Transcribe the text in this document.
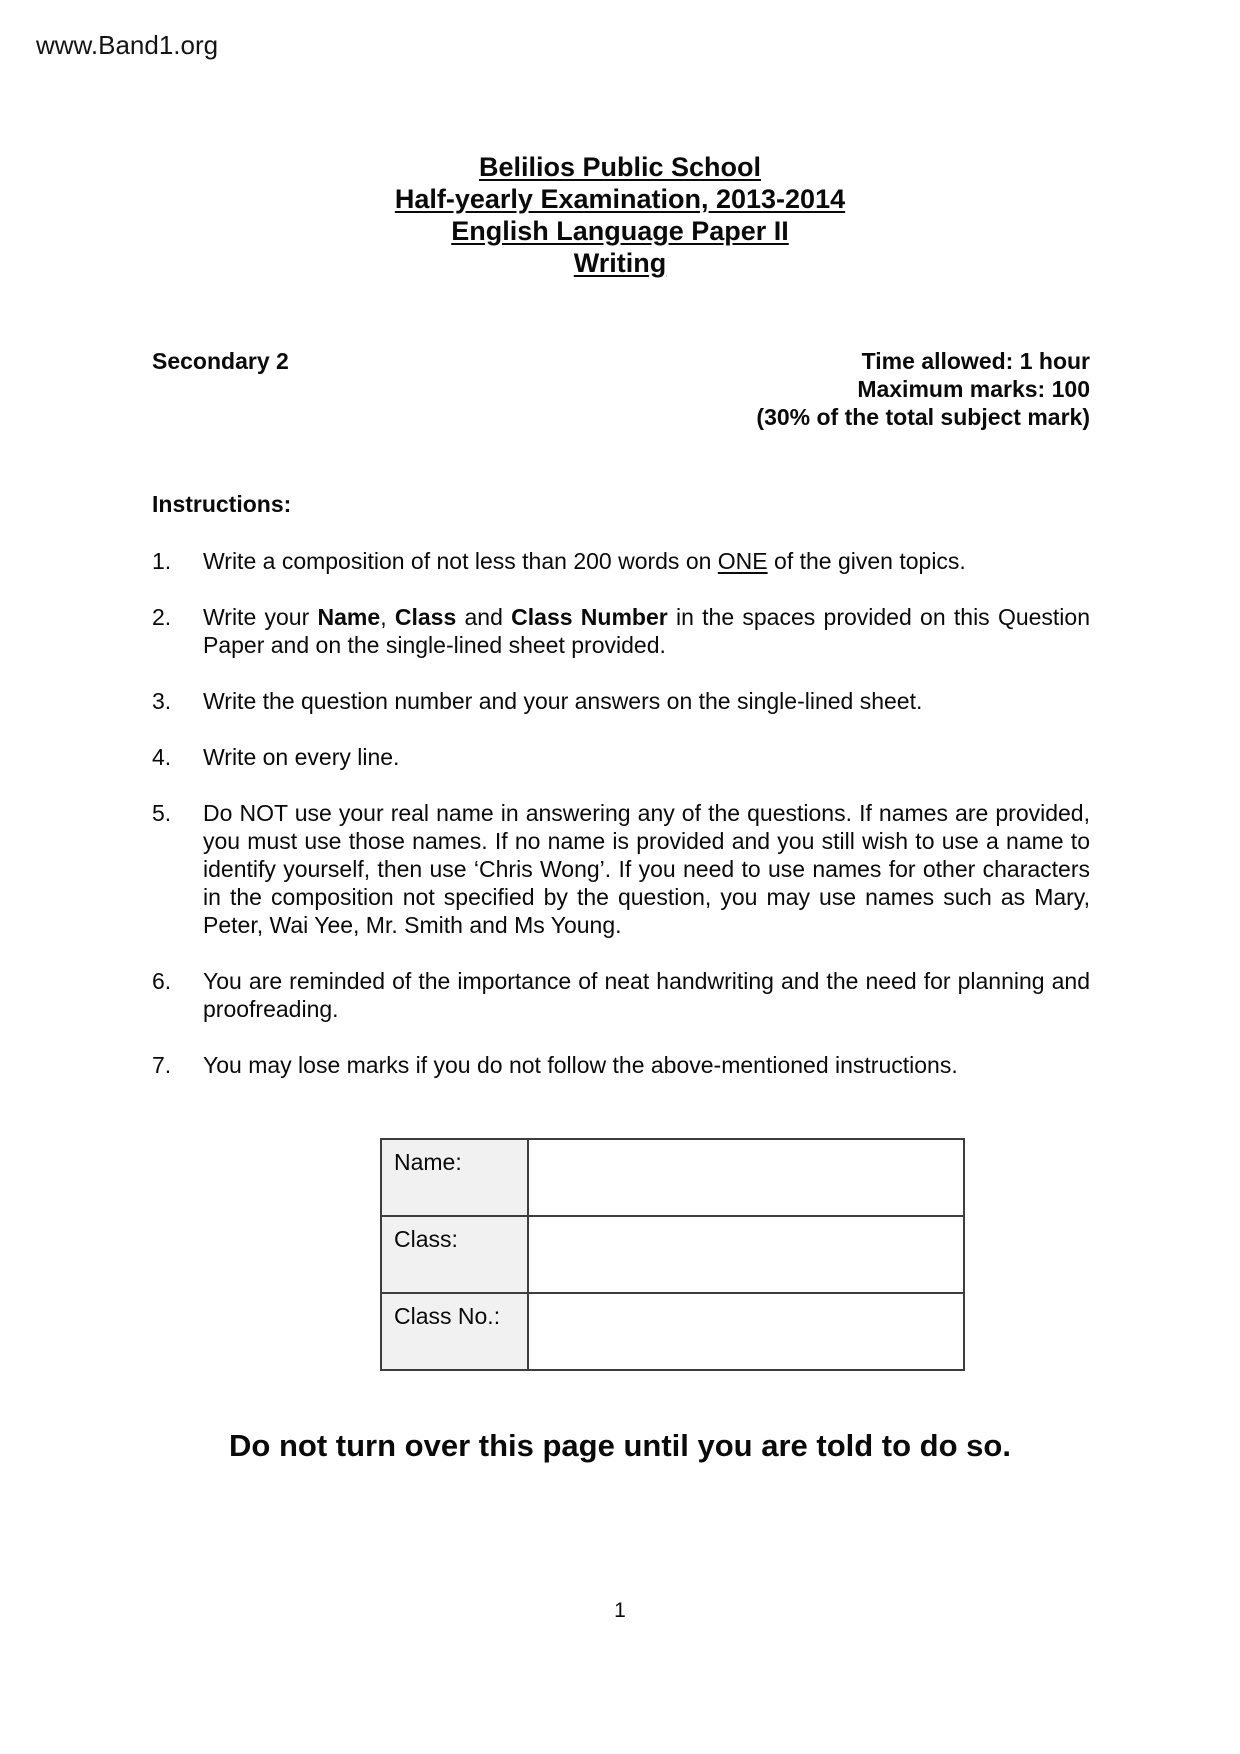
www.Band1.org
Belilios Public School
Half-yearly Examination, 2013-2014
English Language Paper II
Writing
Secondary 2	Time allowed: 1 hour
Maximum marks: 100
(30% of the total subject mark)
Instructions:
1.	Write a composition of not less than 200 words on ONE of the given topics.
2.	Write your Name, Class and Class Number in the spaces provided on this Question Paper and on the single-lined sheet provided.
3.	Write the question number and your answers on the single-lined sheet.
4.	Write on every line.
5.	Do NOT use your real name in answering any of the questions. If names are provided, you must use those names. If no name is provided and you still wish to use a name to identify yourself, then use ‘Chris Wong’. If you need to use names for other characters in the composition not specified by the question, you may use names such as Mary, Peter, Wai Yee, Mr. Smith and Ms Young.
6.	You are reminded of the importance of neat handwriting and the need for planning and proofreading.
7.	You may lose marks if you do not follow the above-mentioned instructions.
Name:	
Class:	
Class No.:	
Do not turn over this page until you are told to do so.
1
